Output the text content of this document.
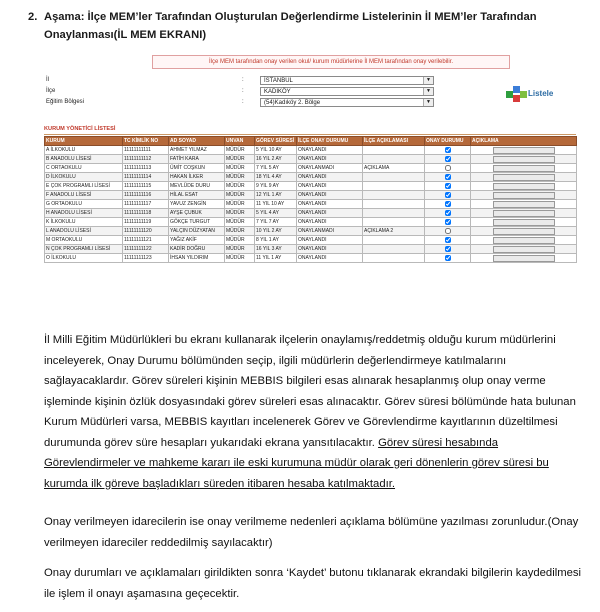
2. Aşama: İlçe MEM’ler Tarafından Oluşturulan Değerlendirme Listelerinin İl MEM’ler Tarafından Onaylanması(İL MEM EKRANI)
İlçe MEM tarafından onay verilen okul/ kurum müdürlerine İl MEM tarafından onay verilebilir.
İl	:	İSTANBUL	▼
İlçe	:	KADIKÖY	▼
Eğitim Bölgesi	:	(54)Kadıköy 2. Bölge	▼
Listele
KURUM YÖNETİCİ LİSTESİ
KURUM	TC KİMLİK NO	AD SOYAD	UNVAN	GÖREV SÜRESİ	İLÇE ONAY DURUMU	İLÇE AÇIKLAMASI	ONAY DURUMU	AÇIKLAMA
A İLKOKULU	11111111111	AHMET YILMAZ	MÜDÜR	5 YIL 10 AY	ONAYLANDI			

B ANADOLU LİSESİ	11111111112	FATİH KARA	MÜDÜR	16 YIL 2 AY	ONAYLANDI			

C ORTAOKULU	11111111113	ÜMİT COŞKUN	MÜDÜR	7 YIL 5 AY	ONAYLANMADI	AÇIKLAMA		

D İLKOKULU	11111111114	HAKAN İLKER	MÜDÜR	18 YIL 4 AY	ONAYLANDI			

E ÇOK PROGRAMLI LİSESİ	11111111115	MEVLÜDE DURU	MÜDÜR	9 YIL 9 AY	ONAYLANDI			

F ANADOLU LİSESİ	11111111116	HİLAL ESAT	MÜDÜR	12 YIL 1 AY	ONAYLANDI			

G ORTAOKULU	11111111117	YAVUZ ZENGİN	MÜDÜR	11 YIL 10 AY	ONAYLANDI			

H ANADOLU LİSESİ	11111111118	AYŞE ÇUBUK	MÜDÜR	5 YIL 4 AY	ONAYLANDI			

K İLKOKULU	11111111119	GÖKÇE TURGUT	MÜDÜR	7 YIL 7 AY	ONAYLANDI			

L ANADOLU LİSESİ	11111111120	YALÇIN DÜZYATAN	MÜDÜR	10 YIL 2 AY	ONAYLANMADI	AÇIKLAMA 2		

M ORTAOKULU	11111111121	YAĞIZ AKİF	MÜDÜR	8 YIL 1 AY	ONAYLANDI			

N ÇOK PROGRAMLI LİSESİ	11111111122	KADİR DOĞRU	MÜDÜR	16 YIL 3 AY	ONAYLANDI			

O İLKOKULU	11111111123	İHSAN YILDIRIM	MÜDÜR	11 YIL 1 AY	ONAYLANDI			

İl Milli Eğitim Müdürlükleri bu ekranı kullanarak ilçelerin onaylamış/reddetmiş olduğu kurum müdürlerini inceleyerek, Onay Durumu bölümünden seçip, ilgili müdürlerin değerlendirmeye katılmalarını sağlayacaklardır. Görev süreleri kişinin MEBBIS bilgileri esas alınarak hesaplanmış olup onay verme işleminde kişinin özlük dosyasındaki görev süreleri esas alınacaktır. Görev süresi bölümünde hata bulunan Kurum Müdürleri varsa, MEBBIS kayıtları incelenerek Görev ve Görevlendirme kayıtlarının düzeltilmesi durumunda görev süre hesapları yukarıdaki ekrana yansıtılacaktır. Görev süresi hesabında Görevlendirmeler ve mahkeme kararı ile eski kurumuna müdür olarak geri dönenlerin görev süresi bu kurumda ilk göreve başladıkları süreden itibaren hesaba katılmaktadır.

Onay verilmeyen idarecilerin ise onay verilmeme nedenleri açıklama bölümüne yazılması zorunludur.(Onay verilmeyen idareciler reddedilmiş sayılacaktır)

Onay durumları ve açıklamaları girildikten sonra ‘Kaydet’ butonu tıklanarak ekrandaki bilgilerin kaydedilmesi ile işlem il onayı aşamasına geçecektir.
